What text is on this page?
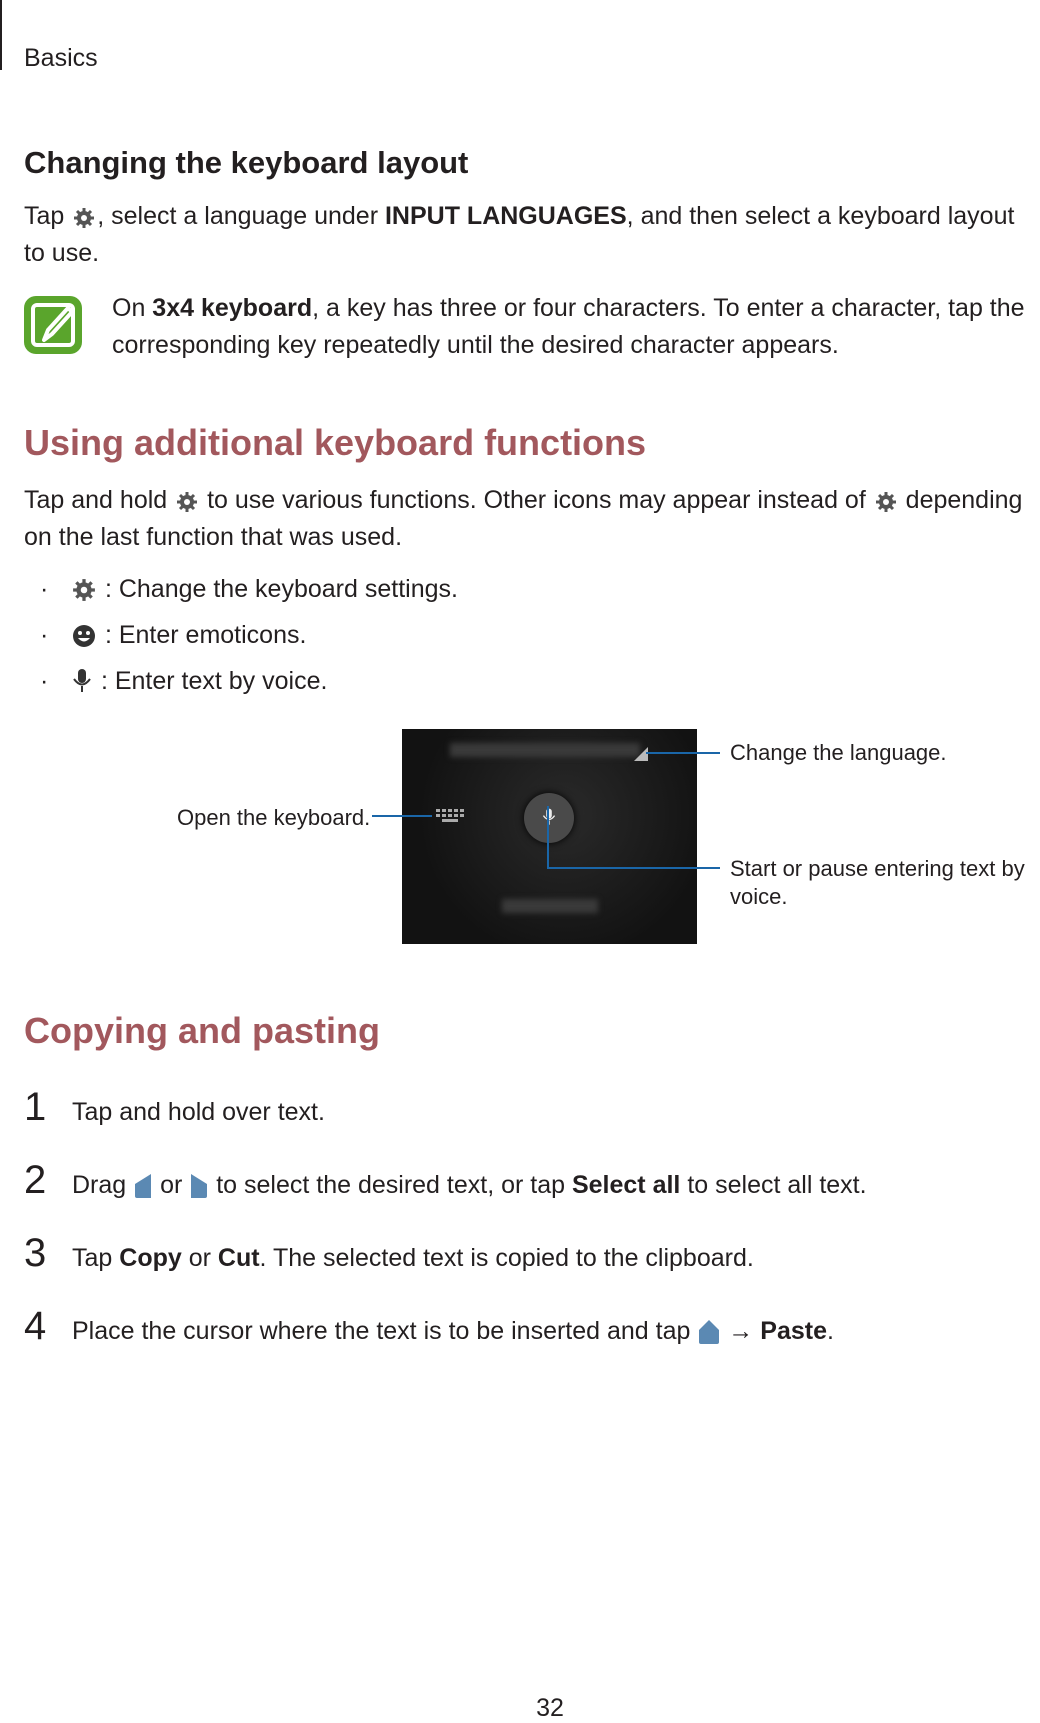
Basics
Changing the keyboard layout
Tap , select a language under INPUT LANGUAGES, and then select a keyboard layout to use.
On 3x4 keyboard, a key has three or four characters. To enter a character, tap the corresponding key repeatedly until the desired character appears.
Using additional keyboard functions
Tap and hold  to use various functions. Other icons may appear instead of  depending on the last function that was used.
·	: Change the keyboard settings.
·	: Enter emoticons.
·	: Enter text by voice.
Change the language.
Open the keyboard.
Start or pause entering text by voice.
Copying and pasting
1	Tap and hold over text.
2	Drag  or  to select the desired text, or tap Select all to select all text.
3	Tap Copy or Cut. The selected text is copied to the clipboard.
4	Place the cursor where the text is to be inserted and tap  → Paste.
32
